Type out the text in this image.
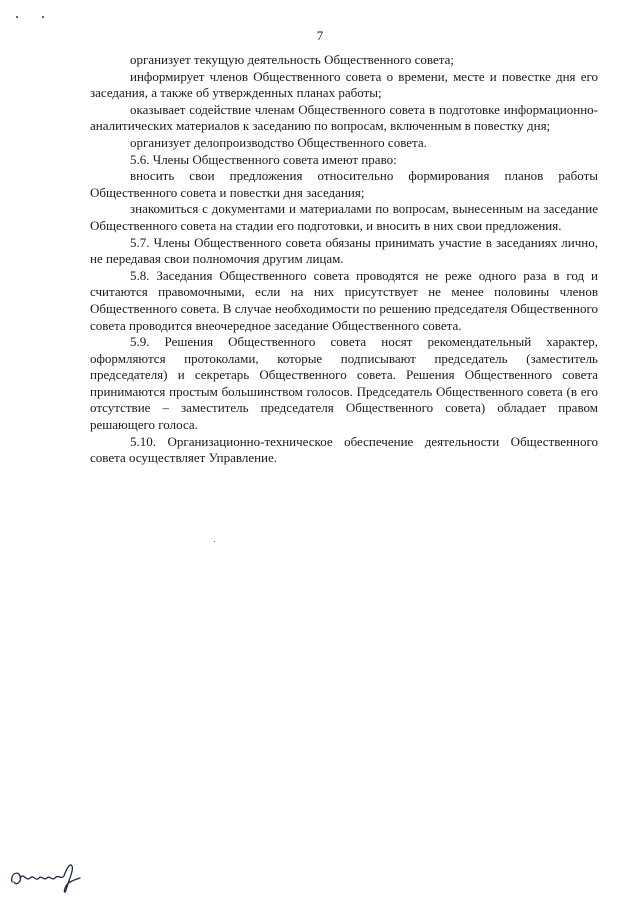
7

организует текущую деятельность Общественного совета;

информирует членов Общественного совета о времени, месте и повестке дня его заседания, а также об утвержденных планах работы;

оказывает содействие членам Общественного совета в подготовке информационно-аналитических материалов к заседанию по вопросам, включенным в повестку дня;

организует делопроизводство Общественного совета.

5.6. Члены Общественного совета имеют право:

вносить свои предложения относительно формирования планов работы Общественного совета и повестки дня заседания;

знакомиться с документами и материалами по вопросам, вынесенным на заседание Общественного совета на стадии его подготовки, и вносить в них свои предложения.

5.7. Члены Общественного совета обязаны принимать участие в заседаниях лично, не передавая свои полномочия другим лицам.

5.8. Заседания Общественного совета проводятся не реже одного раза в год и считаются правомочными, если на них присутствует не менее половины членов Общественного совета. В случае необходимости по решению председателя Общественного совета проводится внеочередное заседание Общественного совета.

5.9. Решения Общественного совета носят рекомендательный характер, оформляются протоколами, которые подписывают председатель (заместитель председателя) и секретарь Общественного совета. Решения Общественного совета принимаются простым большинством голосов. Председатель Общественного совета (в его отсутствие – заместитель председателя Общественного совета) обладает правом решающего голоса.

5.10. Организационно-техническое обеспечение деятельности Общественного совета осуществляет Управление.
